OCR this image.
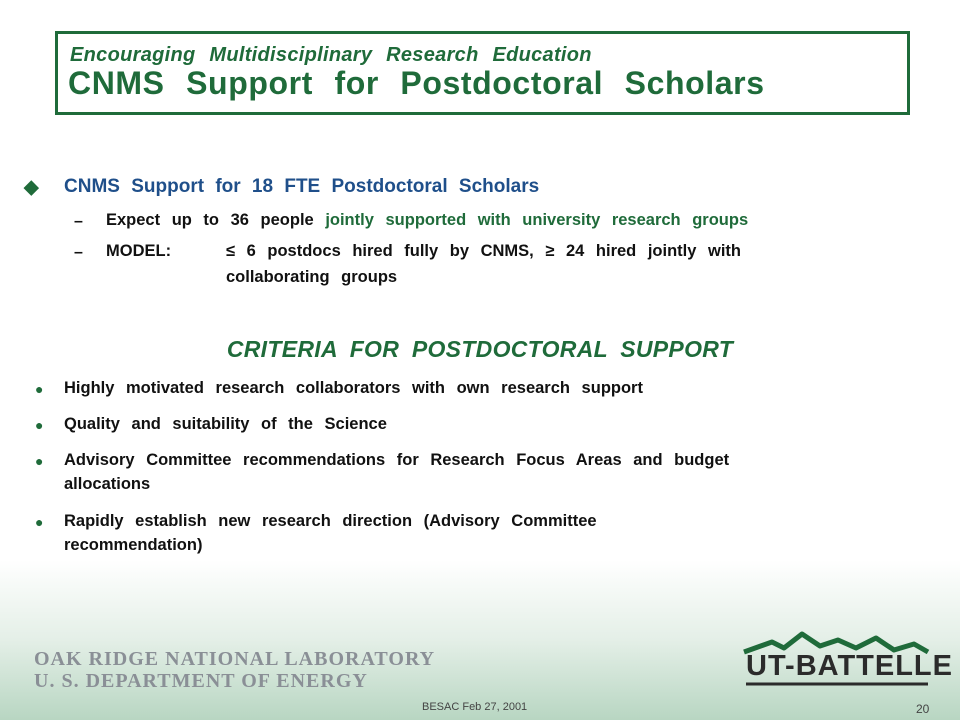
Encouraging Multidisciplinary Research Education

CNMS Support for Postdoctoral Scholars

◆ CNMS Support for 18 FTE Postdoctoral Scholars
– Expect up to 36 people jointly supported with university research groups
– MODEL:	≤ 6 postdocs hired fully by CNMS, ≥ 24 hired jointly with
collaborating groups
CRITERIA FOR POSTDOCTORAL SUPPORT
● Highly motivated research collaborators with own research support
● Quality and suitability of the Science
● Advisory Committee recommendations for Research Focus Areas and budget
allocations
● Rapidly establish new research direction (Advisory Committee
recommendation)
OAK RIDGE NATIONAL LABORATORY
U. S. DEPARTMENT OF ENERGY	UT-BATTELLE
BESAC Feb 27, 2001	20
